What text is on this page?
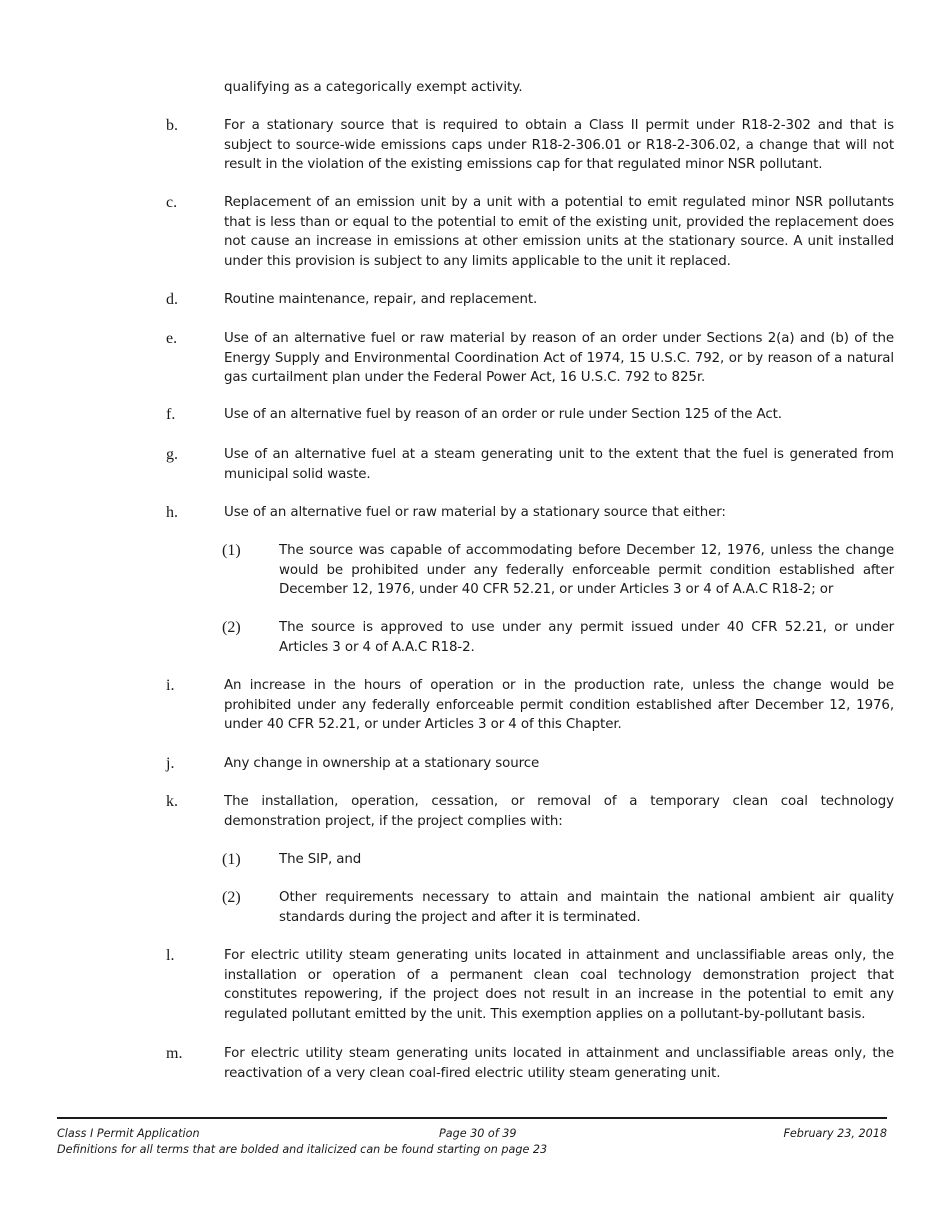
qualifying as a categorically exempt activity.
b.	For a stationary source that is required to obtain a Class II permit under R18-2-302 and that is subject to source-wide emissions caps under R18-2-306.01 or R18-2-306.02, a change that will not result in the violation of the existing emissions cap for that regulated minor NSR pollutant.
c.	Replacement of an emission unit by a unit with a potential to emit regulated minor NSR pollutants that is less than or equal to the potential to emit of the existing unit, provided the replacement does not cause an increase in emissions at other emission units at the stationary source. A unit installed under this provision is subject to any limits applicable to the unit it replaced.
d.	Routine maintenance, repair, and replacement.
e.	Use of an alternative fuel or raw material by reason of an order under Sections 2(a) and (b) of the Energy Supply and Environmental Coordination Act of 1974, 15 U.S.C. 792, or by reason of a natural gas curtailment plan under the Federal Power Act, 16 U.S.C. 792 to 825r.
f.	Use of an alternative fuel by reason of an order or rule under Section 125 of the Act.
g.	Use of an alternative fuel at a steam generating unit to the extent that the fuel is generated from municipal solid waste.
h.	Use of an alternative fuel or raw material by a stationary source that either:
(1)	The source was capable of accommodating before December 12, 1976, unless the change would be prohibited under any federally enforceable permit condition established after December 12, 1976, under 40 CFR 52.21, or under Articles 3 or 4 of A.A.C R18-2; or
(2)	The source is approved to use under any permit issued under 40 CFR 52.21, or under Articles 3 or 4 of A.A.C R18-2.
i.	An increase in the hours of operation or in the production rate, unless the change would be prohibited under any federally enforceable permit condition established after December 12, 1976, under 40 CFR 52.21, or under Articles 3 or 4 of this Chapter.
j.	Any change in ownership at a stationary source
k.	The installation, operation, cessation, or removal of a temporary clean coal technology demonstration project, if the project complies with:
(1)	The SIP, and
(2)	Other requirements necessary to attain and maintain the national ambient air quality standards during the project and after it is terminated.
l.	For electric utility steam generating units located in attainment and unclassifiable areas only, the installation or operation of a permanent clean coal technology demonstration project that constitutes repowering, if the project does not result in an increase in the potential to emit any regulated pollutant emitted by the unit. This exemption applies on a pollutant-by-pollutant basis.
m.	For electric utility steam generating units located in attainment and unclassifiable areas only, the reactivation of a very clean coal-fired electric utility steam generating unit.
Class I Permit Application	Page 30 of 39	February 23, 2018
Definitions for all terms that are bolded and italicized can be found starting on page 23
